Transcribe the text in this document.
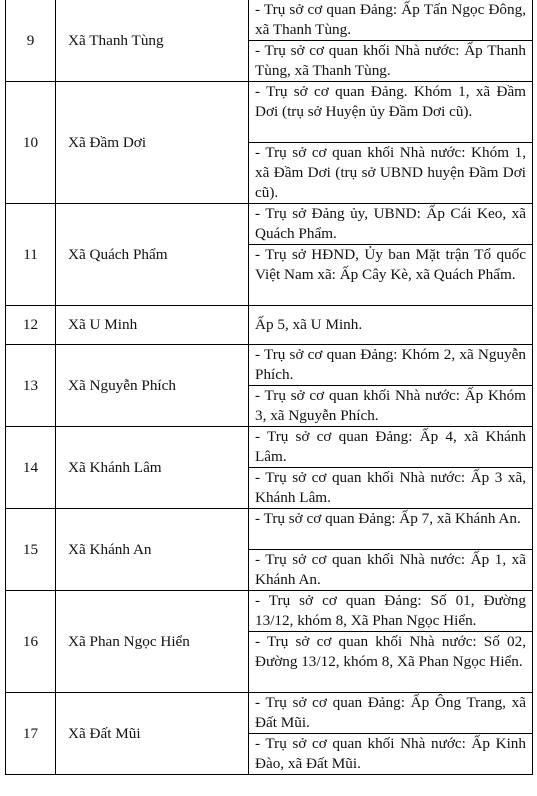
9	Xã Thanh Tùng	- Trụ sở cơ quan Đảng: Ấp Tấn Ngọc Đông, xã Thanh Tùng.
		- Trụ sở cơ quan khối Nhà nước: Ấp Thanh Tùng, xã Thanh Tùng.
10	Xã Đầm Dơi	- Trụ sở cơ quan Đảng. Khóm 1, xã Đầm Dơi (trụ sở Huyện ủy Đầm Dơi cũ).
		- Trụ sở cơ quan khối Nhà nước: Khóm 1, xã Đầm Dơi (trụ sở UBND huyện Đầm Dơi cũ).
11	Xã Quách Phẩm	- Trụ sở Đảng ủy, UBND: Ấp Cái Keo, xã Quách Phẩm.
		- Trụ sở HĐND, Ủy ban Mặt trận Tổ quốc Việt Nam xã: Ấp Cây Kè, xã Quách Phẩm.
12	Xã U Minh	Ấp 5, xã U Minh.
13	Xã Nguyễn Phích	- Trụ sở cơ quan Đảng: Khóm 2, xã Nguyễn Phích.
		- Trụ sở cơ quan khối Nhà nước: Ấp Khóm 3, xã Nguyễn Phích.
14	Xã Khánh Lâm	- Trụ sở cơ quan Đảng: Ấp 4, xã Khánh Lâm.
		- Trụ sở cơ quan khối Nhà nước: Ấp 3 xã, Khánh Lâm.
15	Xã Khánh An	- Trụ sở cơ quan Đảng: Ấp 7, xã Khánh An.
		- Trụ sở cơ quan khối Nhà nước: Ấp 1, xã Khánh An.
16	Xã Phan Ngọc Hiển	- Trụ sở cơ quan Đảng: Số 01, Đường 13/12, khóm 8, Xã Phan Ngọc Hiển.
		- Trụ sở cơ quan khối Nhà nước: Số 02, Đường 13/12, khóm 8, Xã Phan Ngọc Hiển.
17	Xã Đất Mũi	- Trụ sở cơ quan Đảng: Ấp Ông Trang, xã Đất Mũi.
		- Trụ sở cơ quan khối Nhà nước: Ấp Kinh Đào, xã Đất Mũi.
